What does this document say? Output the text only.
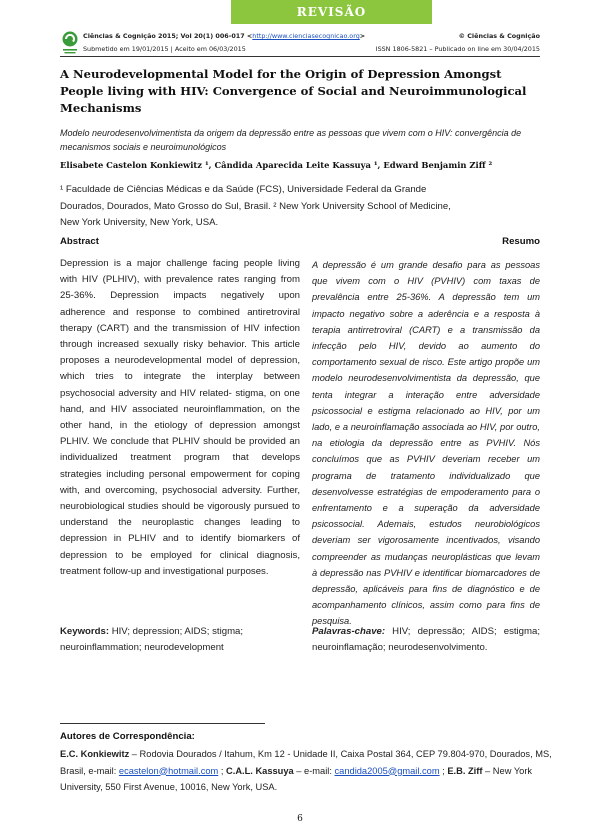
REVISÃO
Ciências & Cognição 2015; Vol 20(1) 006-017 <http://www.cienciasecognicao.org>	© Ciências & Cognição
Submetido em 19/01/2015 | Aceito em 06/03/2015	ISSN 1806-5821 – Publicado on line em 30/04/2015
A Neurodevelopmental Model for the Origin of Depression Amongst People living with HIV: Convergence of Social and Neuroimmunological Mechanisms
Modelo neurodesenvolvimentista da origem da depressão entre as pessoas que vivem com o HIV: convergência de mecanismos sociais e neuroimunológicos
Elisabete Castelon Konkiewitz ¹, Cândida Aparecida Leite Kassuya ¹, Edward Benjamin Ziff ²
¹ Faculdade de Ciências Médicas e da Saúde (FCS), Universidade Federal da Grande Dourados, Dourados, Mato Grosso do Sul, Brasil. ² New York University School of Medicine, New York University, New York, USA.
Abstract	Resumo

Depression is a major challenge facing people living with HIV (PLHIV), with prevalence rates ranging from 25-36%. Depression impacts negatively upon adherence and response to combined antiretroviral therapy (CART) and the transmission of HIV infection through increased sexually risky behavior. This article proposes a neurodevelopmental model of depression, which tries to integrate the interplay between psychosocial adversity and HIV related- stigma, on one hand, and HIV associated neuroinflammation, on the other hand, in the etiology of depression amongst PLHIV. We conclude that PLHIV should be provided an individualized treatment program that develops strategies including personal empowerment for coping with, and overcoming, psychosocial adversity. Further, neurobiological studies should be vigorously pursued to understand the neuroplastic changes leading to depression in PLHIV and to identify biomarkers of depression to be employed for clinical diagnosis, treatment follow-up and investigational purposes.

A depressão é um grande desafio para as pessoas que vivem com o HIV (PVHIV) com taxas de prevalência entre 25-36%. A depressão tem um impacto negativo sobre a aderência e a resposta à terapia antirretroviral (CART) e a transmissão da infecção pelo HIV, devido ao aumento do comportamento sexual de risco. Este artigo propõe um modelo neurodesenvolvimentista da depressão, que tenta integrar a interação entre adversidade psicossocial e estigma relacionado ao HIV, por um lado, e a neuroinflamação associada ao HIV, por outro, na etiologia da depressão entre as PVHIV. Nós concluímos que as PVHIV deveriam receber um programa de tratamento individualizado que desenvolvesse estratégias de empoderamento para o enfrentamento e a superação da adversidade psicossocial. Ademais, estudos neurobiológicos deveriam ser vigorosamente incentivados, visando compreender as mudanças neuroplásticas que levam à depressão nas PVHIV e identificar biomarcadores de depressão, aplicáveis para fins de diagnóstico e de acompanhamento clínicos, assim como para fins de pesquisa.

Keywords: HIV; depression; AIDS; stigma; neuroinflammation; neurodevelopment
Palavras-chave: HIV; depressão; AIDS; estigma; neuroinflamação; neurodesenvolvimento.
Autores de Correspondência:
E.C. Konkiewitz – Rodovia Dourados / Itahum, Km 12 - Unidade II, Caixa Postal 364, CEP 79.804-970, Dourados, MS, Brasil, e-mail: ecastelon@hotmail.com ; C.A.L. Kassuya – e-mail: candida2005@gmail.com ; E.B. Ziff – New York University, 550 First Avenue, 10016, New York, USA.
6
